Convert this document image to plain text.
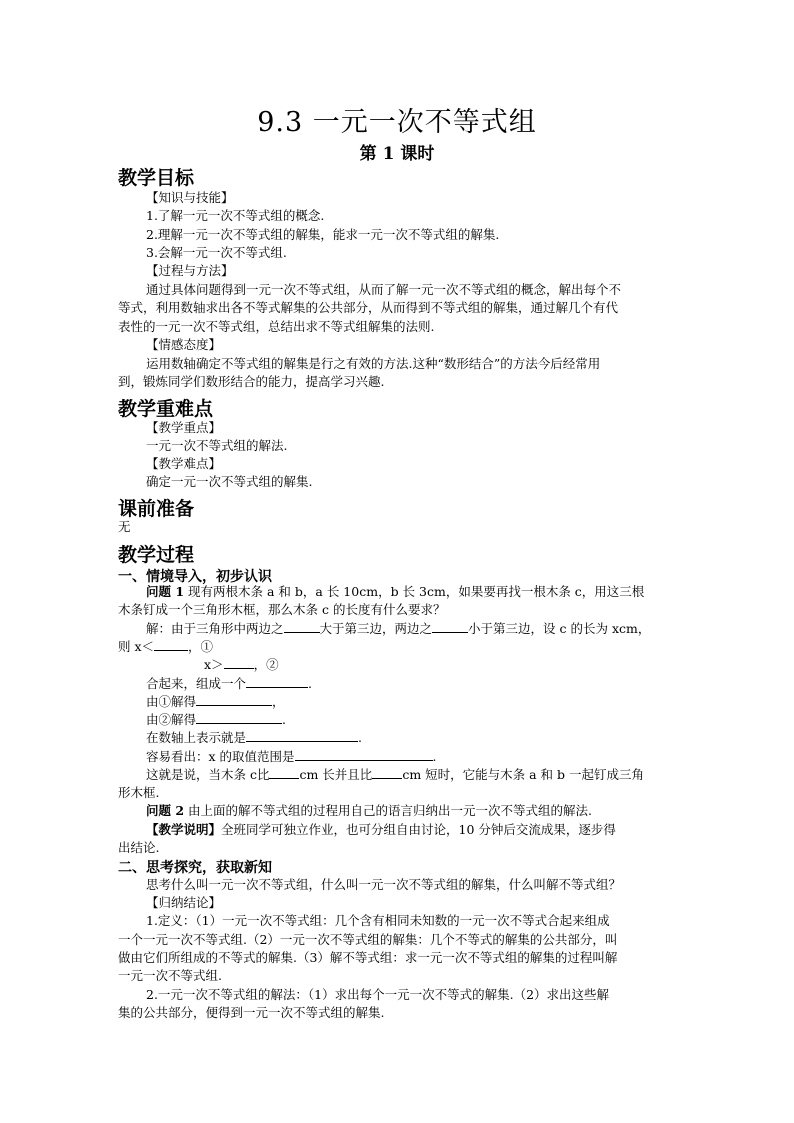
9.3 一元一次不等式组
第 1 课时
教学目标
【知识与技能】
1.了解一元一次不等式组的概念.
2.理解一元一次不等式组的解集，能求一元一次不等式组的解集.
3.会解一元一次不等式组.
【过程与方法】
通过具体问题得到一元一次不等式组，从而了解一元一次不等式组的概念，解出每个不
等式，利用数轴求出各不等式解集的公共部分，从而得到不等式组的解集，通过解几个有代
表性的一元一次不等式组，总结出求不等式组解集的法则.
【情感态度】
运用数轴确定不等式组的解集是行之有效的方法.这种“数形结合”的方法今后经常用
到，锻炼同学们数形结合的能力，提高学习兴趣.
教学重难点
【教学重点】
一元一次不等式组的解法.
【教学难点】
确定一元一次不等式组的解集.
课前准备
无
教学过程
一、情境导入，初步认识
问题 1 现有两根木条 a 和 b，a 长 10cm，b 长 3cm，如果要再找一根木条 c，用这三根
木条钉成一个三角形木框，那么木条 c 的长度有什么要求？
解：由于三角形中两边之	大于第三边，两边之	小于第三边，设 c 的长为 xcm，
则 x＜	，①
x＞ ，②
合起来，组成一个	.
由①解得	，
由②解得	.
在数轴上表示就是	.
容易看出：x 的取值范围是	.
这就是说，当木条 c比 cm 长并且比 cm 短时，它能与木条 a 和 b 一起钉成三角
形木框.
问题 2 由上面的解不等式组的过程用自己的语言归纳出一元一次不等式组的解法.
【教学说明】全班同学可独立作业，也可分组自由讨论，10 分钟后交流成果，逐步得
出结论.
二、思考探究，获取新知
思考什么叫一元一次不等式组，什么叫一元一次不等式组的解集，什么叫解不等式组？
【归纳结论】
1.定义：（1）一元一次不等式组：几个含有相同未知数的一元一次不等式合起来组成
一个一元一次不等式组.（2）一元一次不等式组的解集：几个不等式的解集的公共部分，叫
做由它们所组成的不等式的解集.（3）解不等式组：求一元一次不等式组的解集的过程叫解
一元一次不等式组.
2.一元一次不等式组的解法：（1）求出每个一元一次不等式的解集.（2）求出这些解
集的公共部分，便得到一元一次不等式组的解集.
